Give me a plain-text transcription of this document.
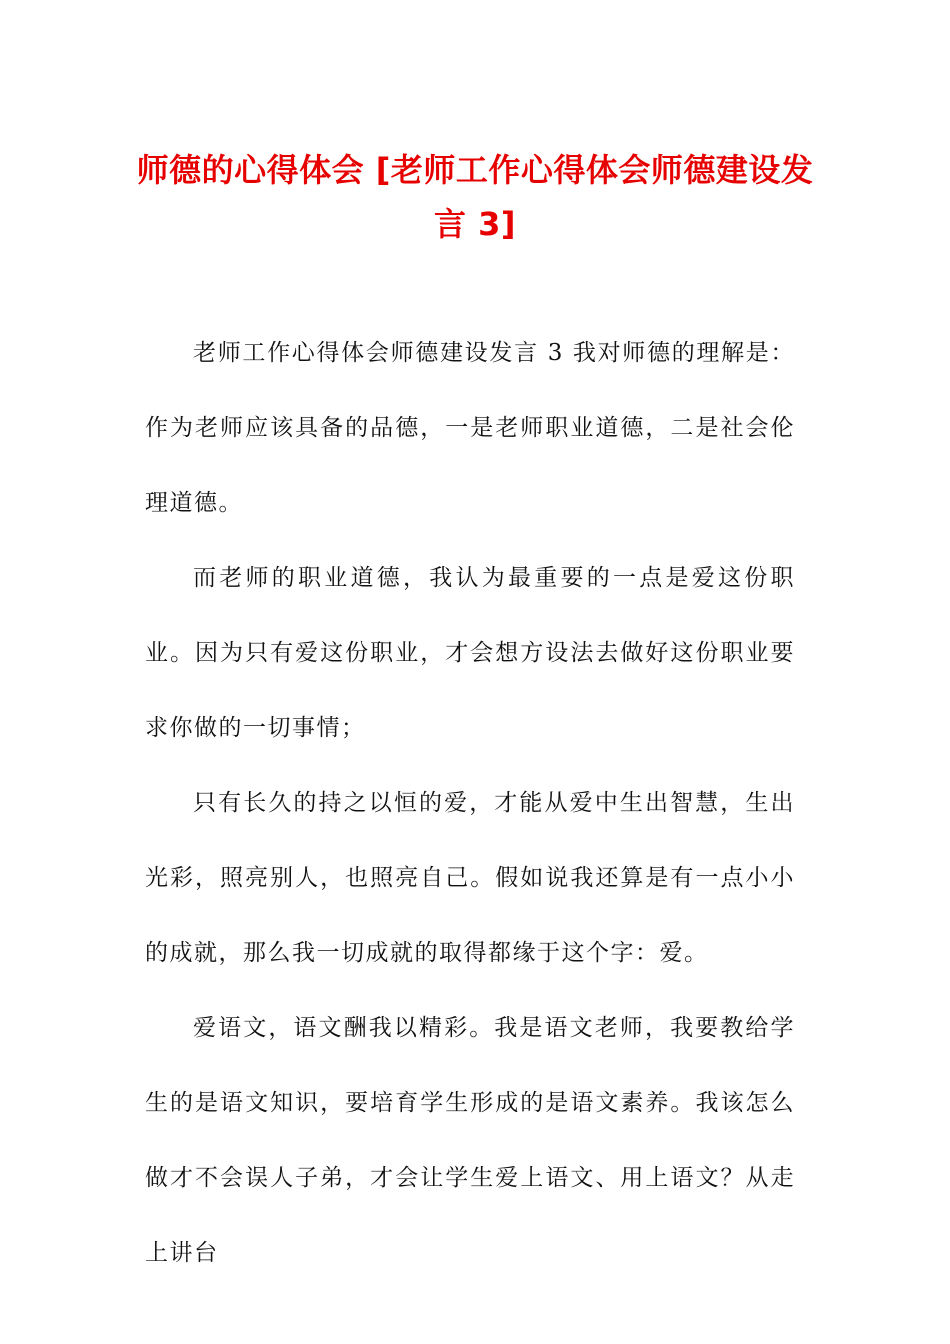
师德的心得体会 [老师工作心得体会师德建设发言 3]

老师工作心得体会师德建设发言 3 我对师德的理解是：作为老师应该具备的品德，一是老师职业道德，二是社会伦理道德。

而老师的职业道德，我认为最重要的一点是爱这份职业。因为只有爱这份职业，才会想方设法去做好这份职业要求你做的一切事情；

只有长久的持之以恒的爱，才能从爱中生出智慧，生出光彩，照亮别人，也照亮自己。假如说我还算是有一点小小的成就，那么我一切成就的取得都缘于这个字：爱。

爱语文，语文酬我以精彩。我是语文老师，我要教给学生的是语文知识，要培育学生形成的是语文素养。我该怎么做才不会误人子弟，才会让学生爱上语文、用上语文？从走上讲台
